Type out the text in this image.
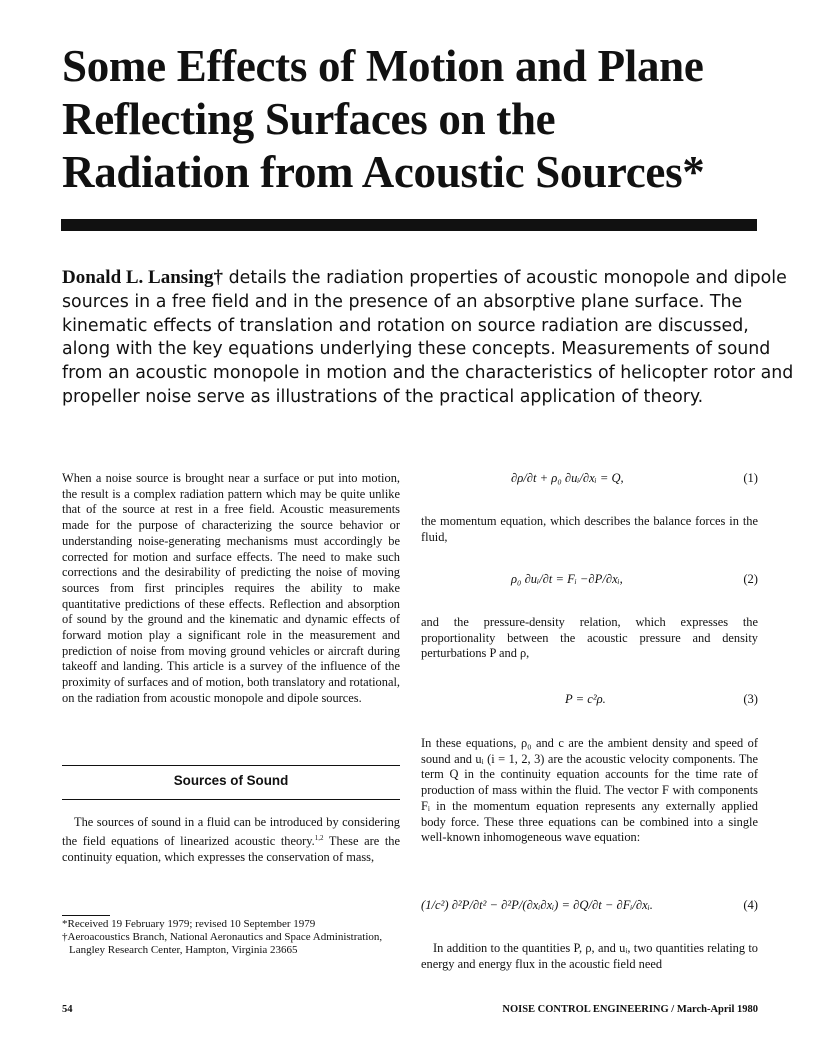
Some Effects of Motion and Plane
Reflecting Surfaces on the
Radiation from Acoustic Sources*
Donald L. Lansing† details the radiation properties of acoustic monopole and dipole
sources in a free field and in the presence of an absorptive plane surface. The
kinematic effects of translation and rotation on source radiation are discussed,
along with the key equations underlying these concepts. Measurements of sound
from an acoustic monopole in motion and the characteristics of helicopter rotor and
propeller noise serve as illustrations of the practical application of theory.

When a noise source is brought near a surface or put into motion, the result is a complex radiation pattern which may be quite unlike that of the source at rest in a free field. Acoustic measurements made for the purpose of characterizing the source behavior or understanding noise-generating mechanisms must accordingly be corrected for motion and surface effects. The need to make such corrections and the desirability of predicting the noise of moving sources from first principles requires the ability to make quantitative predictions of these effects. Reflection and absorption of sound by the ground and the kinematic and dynamic effects of forward motion play a significant role in the measurement and prediction of noise from moving ground vehicles or aircraft during takeoff and landing. This article is a survey of the influence of the proximity of surfaces and of motion, both translatory and rotational, on the radiation from acoustic monopole and dipole sources.

Sources of Sound

The sources of sound in a fluid can be introduced by considering the field equations of linearized acoustic theory.$^{1,2}$ These are the continuity equation, which expresses the conservation of mass,

*Received 19 February 1979; revised 10 September 1979

†Aeroacoustics Branch, National Aeronautics and Space Administration, Langley Research Center, Hampton, Virginia 23665

∂ρ/∂t + ρ₀ ∂uᵢ/∂xᵢ = Q,	(1)

the momentum equation, which describes the balance forces in the fluid,

ρ₀ ∂uᵢ/∂t = Fᵢ −∂P/∂xᵢ,	(2)

and the pressure-density relation, which expresses the proportionality between the acoustic pressure and density perturbations P and ρ,

P = c²ρ.	(3)

In these equations, ρ₀ and c are the ambient density and speed of sound and uᵢ (i = 1, 2, 3) are the acoustic velocity components. The term Q in the continuity equation accounts for the time rate of production of mass within the fluid. The vector F with components Fᵢ in the momentum equation represents any externally applied body force. These three equations can be combined into a single well-known inhomogeneous wave equation:

(1/c²) ∂²P/∂t² − ∂²P/(∂xᵢ∂xᵢ) = ∂Q/∂t − ∂Fᵢ/∂xᵢ.	(4)

In addition to the quantities P, ρ, and uᵢ, two quantities relating to energy and energy flux in the acoustic field need

54	NOISE CONTROL ENGINEERING / March-April 1980
